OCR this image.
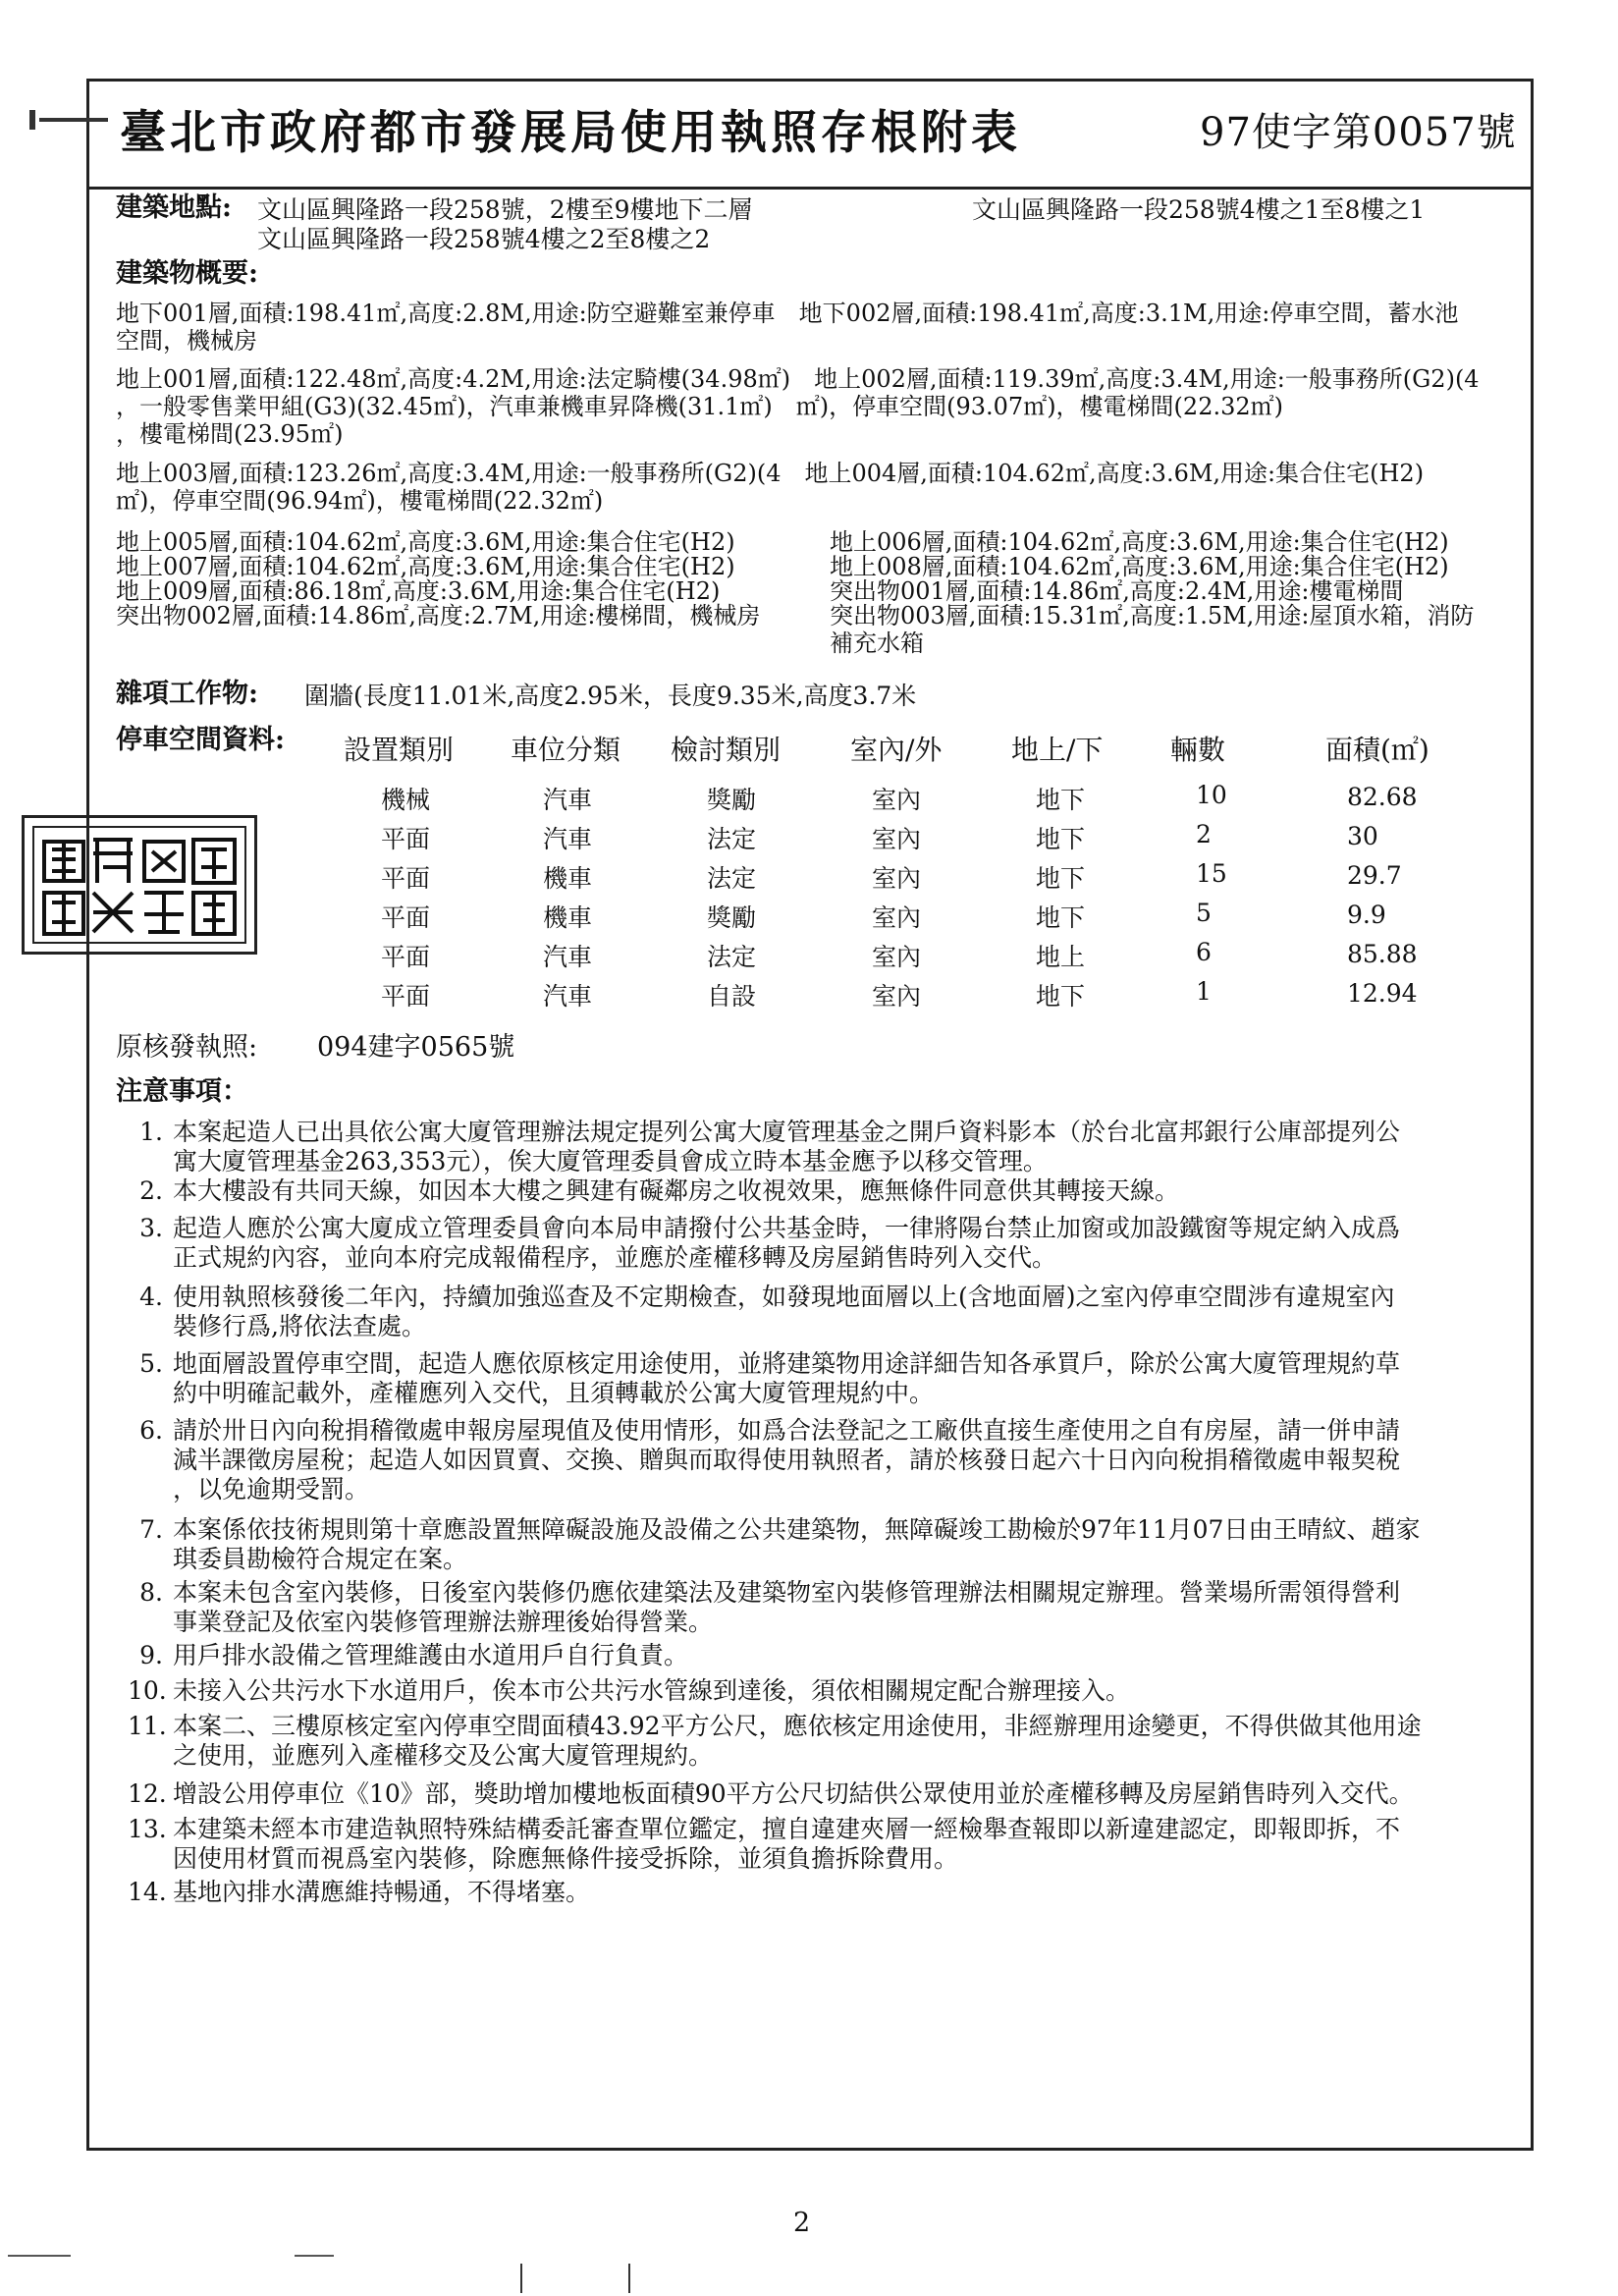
臺北市政府都市發展局使用執照存根附表	97使字第0057號
建築地點: 文山區興隆路一段258號，2樓至9樓地下二層
文山區興隆路一段258號4樓之2至8樓之2
文山區興隆路一段258號4樓之1至8樓之1
建築物概要:
地下001層,面積:198.41㎡,高度:2.8M,用途:防空避難室兼停車　地下002層,面積:198.41㎡,高度:3.1M,用途:停車空間，蓄水池
空間，機械房
地上001層,面積:122.48㎡,高度:4.2M,用途:法定騎樓(34.98㎡)　地上002層,面積:119.39㎡,高度:3.4M,用途:一般事務所(G2)(4
，一般零售業甲組(G3)(32.45㎡)，汽車兼機車昇降機(31.1㎡)　㎡)，停車空間(93.07㎡)，樓電梯間(22.32㎡)
，樓電梯間(23.95㎡)
地上003層,面積:123.26㎡,高度:3.4M,用途:一般事務所(G2)(4　地上004層,面積:104.62㎡,高度:3.6M,用途:集合住宅(H2)
㎡)，停車空間(96.94㎡)，樓電梯間(22.32㎡)
地上005層,面積:104.62㎡,高度:3.6M,用途:集合住宅(H2)
地上007層,面積:104.62㎡,高度:3.6M,用途:集合住宅(H2)
地上009層,面積:86.18㎡,高度:3.6M,用途:集合住宅(H2)
突出物002層,面積:14.86㎡,高度:2.7M,用途:樓梯間，機械房
地上006層,面積:104.62㎡,高度:3.6M,用途:集合住宅(H2)
地上008層,面積:104.62㎡,高度:3.6M,用途:集合住宅(H2)
突出物001層,面積:14.86㎡,高度:2.4M,用途:樓電梯間
突出物003層,面積:15.31㎡,高度:1.5M,用途:屋頂水箱，消防
補充水箱
雜項工作物: 圍牆(長度11.01米,高度2.95米，長度9.35米,高度3.7米
停車空間資料: 設置類別 車位分類 檢討類別	室內/外	地上/下 輛數	面積(㎡)
機械	汽車	獎勵	室內	地下	10	82.68
平面	汽車	法定	室內	地下	2	30
平面	機車	法定	室內	地下	15	29.7
平面	機車	獎勵	室內	地下	5	9.9
平面	汽車	法定	室內	地上	6	85.88
平面	汽車	自設	室內	地下	1	12.94
原核發執照: 094建字0565號
注意事項：
1. 本案起造人已出具依公寓大廈管理辦法規定提列公寓大廈管理基金之開戶資料影本（於台北富邦銀行公庫部提列公
寓大廈管理基金263,353元），俟大廈管理委員會成立時本基金應予以移交管理。
2. 本大樓設有共同天線，如因本大樓之興建有礙鄰房之收視效果，應無條件同意供其轉接天線。
3. 起造人應於公寓大廈成立管理委員會向本局申請撥付公共基金時，一律將陽台禁止加窗或加設鐵窗等規定納入成爲
正式規約內容，並向本府完成報備程序，並應於產權移轉及房屋銷售時列入交代。
4. 使用執照核發後二年內，持續加強巡查及不定期檢查，如發現地面層以上(含地面層)之室內停車空間涉有違規室內
裝修行爲,將依法查處。
5. 地面層設置停車空間，起造人應依原核定用途使用，並將建築物用途詳細告知各承買戶，除於公寓大廈管理規約草
約中明確記載外，產權應列入交代，且須轉載於公寓大廈管理規約中。
6. 請於卅日內向稅捐稽徵處申報房屋現值及使用情形，如爲合法登記之工廠供直接生產使用之自有房屋，請一併申請
減半課徵房屋稅；起造人如因買賣、交換、贈與而取得使用執照者，請於核發日起六十日內向稅捐稽徵處申報契稅
，以免逾期受罰。
7. 本案係依技術規則第十章應設置無障礙設施及設備之公共建築物，無障礙竣工勘檢於97年11月07日由王晴紋、趙家
琪委員勘檢符合規定在案。
8. 本案未包含室內裝修，日後室內裝修仍應依建築法及建築物室內裝修管理辦法相關規定辦理。營業場所需領得營利
事業登記及依室內裝修管理辦法辦理後始得營業。
9. 用戶排水設備之管理維護由水道用戶自行負責。
10. 未接入公共污水下水道用戶，俟本市公共污水管線到達後，須依相關規定配合辦理接入。
11. 本案二、三樓原核定室內停車空間面積43.92平方公尺，應依核定用途使用，非經辦理用途變更，不得供做其他用途
之使用，並應列入產權移交及公寓大廈管理規約。
12. 增設公用停車位《10》部，獎助增加樓地板面積90平方公尺切結供公眾使用並於產權移轉及房屋銷售時列入交代。
13. 本建築未經本市建造執照特殊結構委託審查單位鑑定，擅自違建夾層一經檢舉查報即以新違建認定，即報即拆，不
因使用材質而視爲室內裝修，除應無條件接受拆除，並須負擔拆除費用。
14. 基地內排水溝應維持暢通，不得堵塞。
2
